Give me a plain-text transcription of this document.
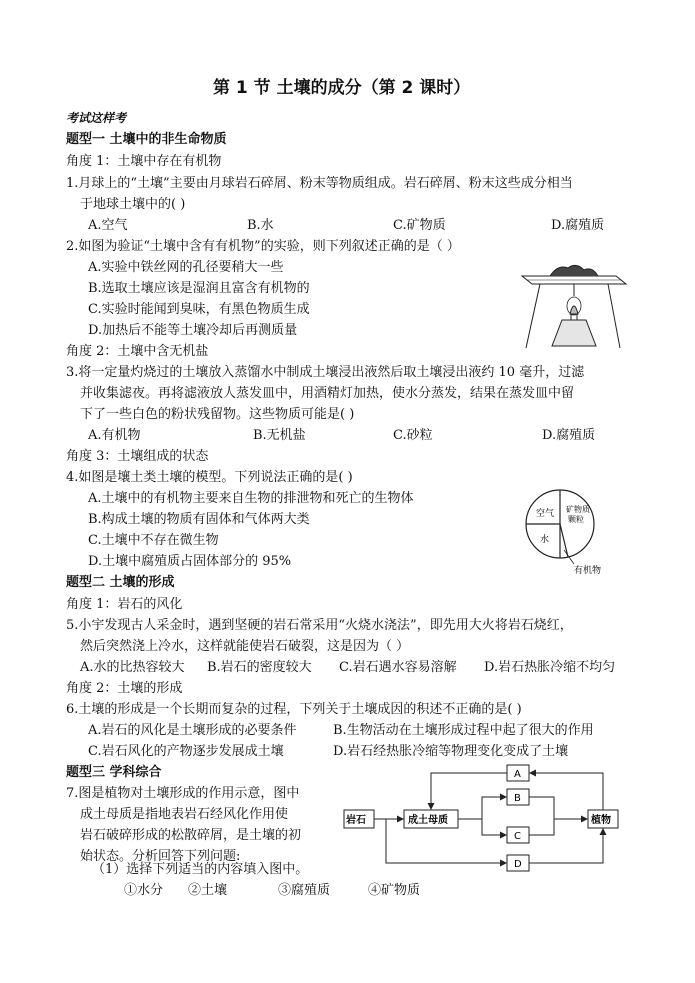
第 1 节 土壤的成分（第 2 课时）
考试这样考
题型一 土壤中的非生命物质
角度 1：土壤中存在有机物
1.月球上的“土壤”主要由月球岩石碎屑、粉末等物质组成。岩石碎屑、粉末这些成分相当
于地球土壤中的( )
A.空气	B.水	C.矿物质	D.腐殖质
2.如图为验证“土壤中含有有机物”的实验，则下列叙述正确的是（ ）
A.实验中铁丝网的孔径要稍大一些
B.选取土壤应该是湿润且富含有机物的
C.实验时能闻到臭味，有黑色物质生成
D.加热后不能等土壤冷却后再测质量
角度 2：土壤中含无机盐
3.将一定量灼烧过的土壤放入蒸馏水中制成土壤浸出液然后取土壤浸出液约 10 毫升，过滤
并收集滤夜。再将滤液放人蒸发皿中，用酒精灯加热，使水分蒸发，结果在蒸发皿中留
下了一些白色的粉状残留物。这些物质可能是( )
A.有机物	B.无机盐	C.砂粒	D.腐殖质
角度 3：土壤组成的状态
4.如图是壤土类土壤的模型。下列说法正确的是( )
A.土壤中的有机物主要来自生物的排泄物和死亡的生物体
B.构成土壤的物质有固体和气体两大类
C.土壤中不存在微生物
D.土壤中腐殖质占固体部分的 95%
空气 矿物质
颗粒
水
有机物
题型二 土壤的形成
角度 1：岩石的风化
5.小宇发现古人采金时，遇到坚硬的岩石常采用“火烧水浇法”，即先用大火将岩石烧红，
然后突然浇上冷水，这样就能使岩石破裂，这是因为（ ）
A.水的比热容较大 B.岩石的密度较大 C.岩石遇水容易溶解 D.岩石热胀冷缩不均匀
角度 2：土壤的形成
6.土壤的形成是一个长期而复杂的过程，下列关于土壤成因的积述不正确的是( )
A.岩石的风化是土壤形成的必要条件	B.生物活动在土壤形成过程中起了很大的作用
C.岩石风化的产物逐步发展成土壤	D.岩石经热胀冷缩等物理变化变成了土壤
题型三 学科综合
7.图是植物对土壤形成的作用示意，图中
成土母质是指地表岩石经风化作用使
岩石破碎形成的松散碎屑，是土壤的初
始状态。分析回答下列问题:
（1）选择下列适当的内容填入图中。
①水分 ②土壤	③腐殖质	④矿物质
岩石	成土母质	植物
A
B
C
D
